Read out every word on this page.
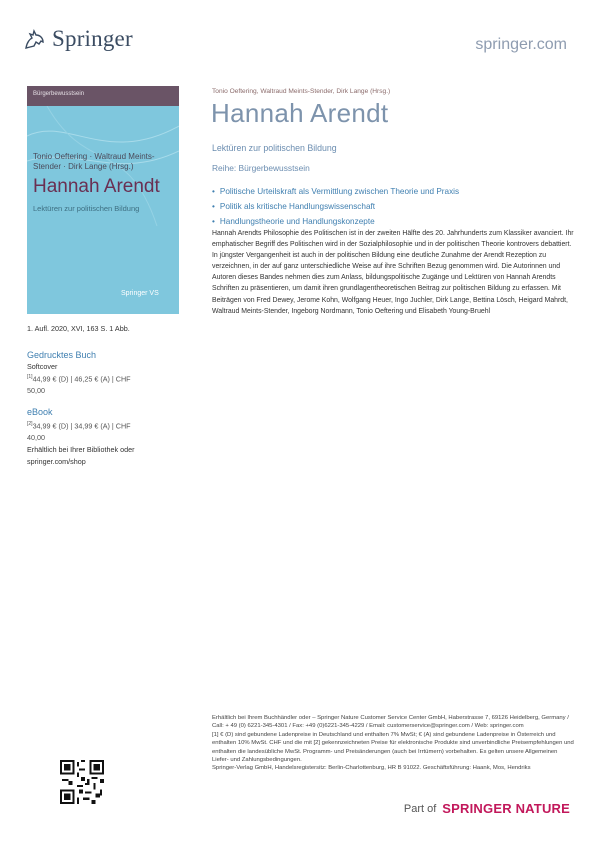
Springer	springer.com
Bürgerbewusstsein
Tonio Oeftering · Waltraud Meints-Stender · Dirk Lange (Hrsg.)
Hannah Arendt
Lektüren zur politischen Bildung
Springer VS
1. Aufl. 2020, XVI, 163 S. 1 Abb.
Gedrucktes Buch
Softcover
[1]44,99 € (D) | 46,25 € (A) | CHF
50,00
eBook
[2]34,99 € (D) | 34,99 € (A) | CHF
40,00
Erhältlich bei Ihrer Bibliothek oder
springer.com/shop
Tonio Oeftering, Waltraud Meints-Stender, Dirk Lange (Hrsg.)
Hannah Arendt
Lektüren zur politischen Bildung
Reihe: Bürgerbewusstsein
• Politische Urteilskraft als Vermittlung zwischen Theorie und Praxis
• Politik als kritische Handlungswissenschaft
• Handlungstheorie und Handlungskonzepte

Hannah Arendts Philosophie des Politischen ist in der zweiten Hälfte des 20. Jahrhunderts zum Klassiker avanciert. Ihr emphatischer Begriff des Politischen wird in der Sozialphilosophie und in der politischen Theorie kontrovers debattiert. In jüngster Vergangenheit ist auch in der politischen Bildung eine deutliche Zunahme der Arendt Rezeption zu verzeichnen, in der auf ganz unterschiedliche Weise auf ihre Schriften Bezug genommen wird. Die Autorinnen und Autoren dieses Bandes nehmen dies zum Anlass, bildungspolitische Zugänge und Lektüren von Hannah Arendts Schriften zu präsentieren, um damit ihren grundlagentheoretischen Beitrag zur politischen Bildung zu erfassen. Mit Beiträgen von Fred Dewey, Jerome Kohn, Wolfgang Heuer, Ingo Juchler, Dirk Lange, Bettina Lösch, Heigard Mahrdt, Waltraud Meints-Stender, Ingeborg Nordmann, Tonio Oeftering und Elisabeth Young-Bruehl

Erhältlich bei Ihrem Buchhändler oder – Springer Nature Customer Service Center GmbH, Haberstrasse 7, 69126 Heidelberg, Germany / Call: + 49 (0) 6221-345-4301 / Fax: +49 (0)6221-345-4229 / Email: customerservice@springer.com / Web: springer.com
[1] € (D) sind gebundene Ladenpreise in Deutschland und enthalten 7% MwSt; € (A) sind gebundene Ladenpreise in Österreich und enthalten 10% MwSt. CHF und die mit [2] gekennzeichneten Preise für elektronische Produkte sind unverbindliche Preisempfehlungen und enthalten die landesübliche MwSt. Programm- und Preisänderungen (auch bei Irrtümern) vorbehalten. Es gelten unsere Allgemeinen Liefer- und Zahlungsbedingungen.
Springer-Verlag GmbH, Handelsregistersitz: Berlin-Charlottenburg, HR B 91022. Geschäftsführung: Haank, Mos, Hendriks
Part of SPRINGER NATURE
